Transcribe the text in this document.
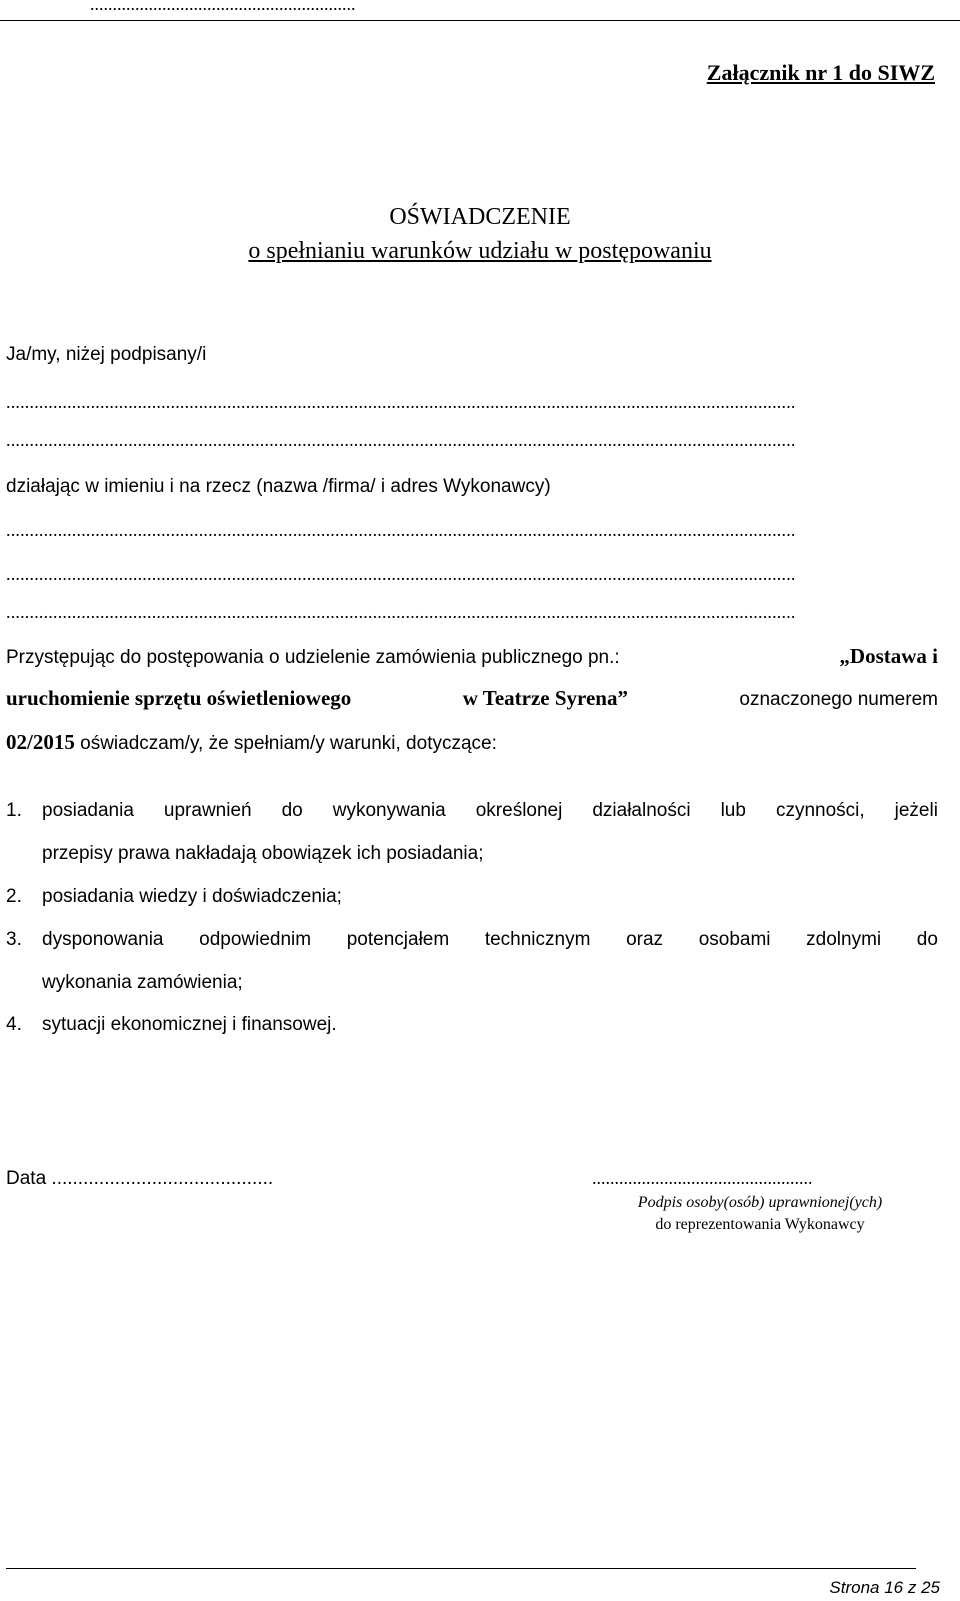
...........................................................
Załącznik nr 1 do SIWZ
OŚWIADCZENIE
o spełnianiu warunków udziału w postępowaniu
Ja/my, niżej podpisany/i
........................................................................................................................................................................
........................................................................................................................................................................
działając w imieniu i na rzecz (nazwa /firma/ i adres Wykonawcy)
........................................................................................................................................................................
........................................................................................................................................................................
........................................................................................................................................................................
Przystępując do postępowania o udzielenie zamówienia publicznego pn.:	„Dostawa i
uruchomienie sprzętu oświetleniowego	w Teatrze Syrena”	oznaczonego numerem
02/2015 oświadczam/y, że spełniam/y warunki, dotyczące:
1. posiadania uprawnień do wykonywania określonej działalności lub czynności, jeżeli
przepisy prawa nakładają obowiązek ich posiadania;
2. posiadania wiedzy i doświadczenia;
3. dysponowania odpowiednim potencjałem technicznym oraz osobami zdolnymi do
wykonania zamówienia;
4. sytuacji ekonomicznej i finansowej.
Data ..........................................	.................................................
Podpis osoby(osób) uprawnionej(ych)
do reprezentowania Wykonawcy
Strona 16 z 25
